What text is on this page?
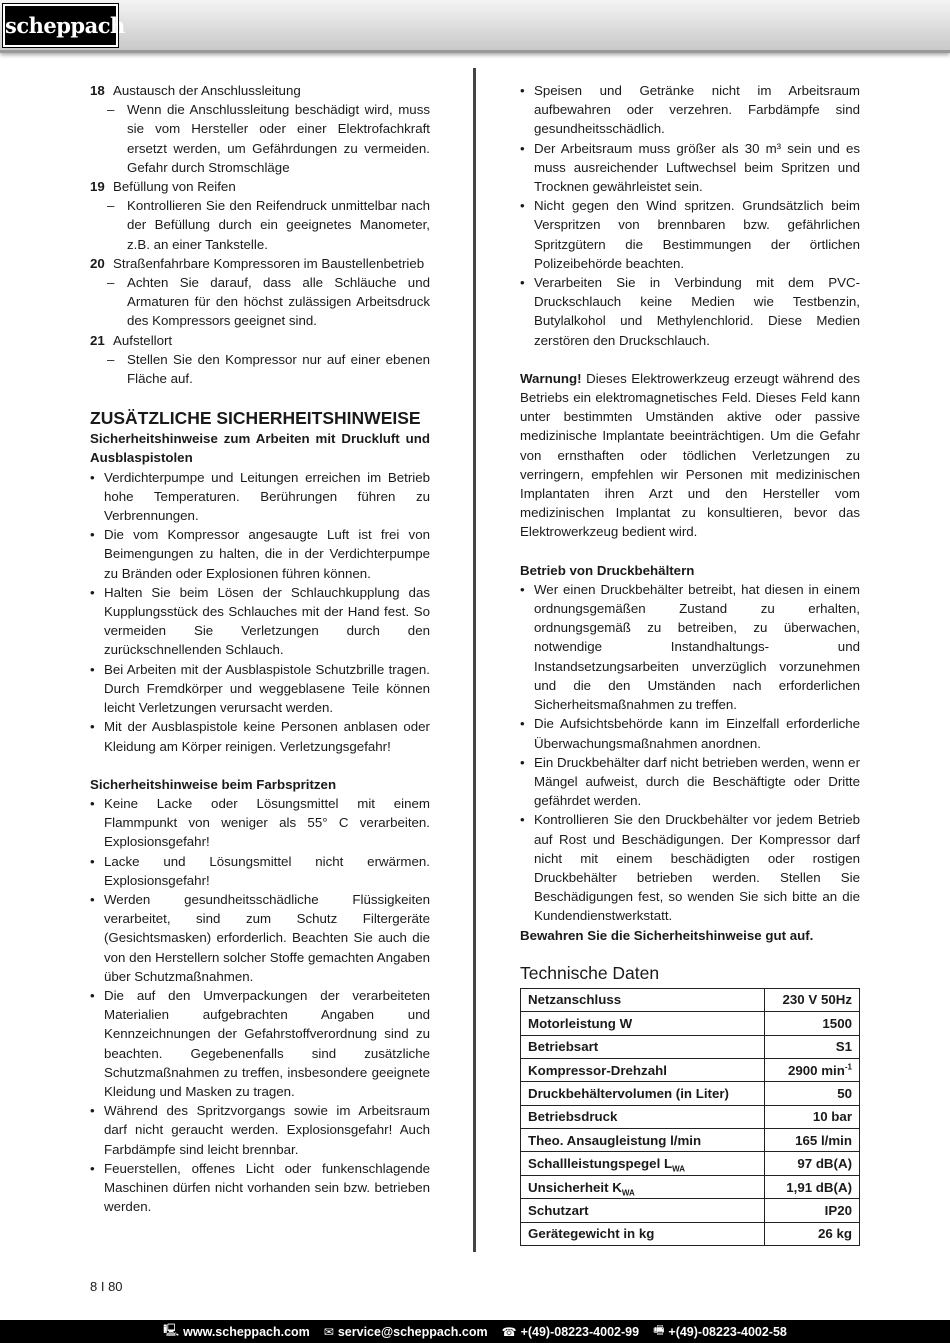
scheppach
18 Austausch der Anschlussleitung
– Wenn die Anschlussleitung beschädigt wird, muss sie vom Hersteller oder einer Elektrofachkraft ersetzt werden, um Gefährdungen zu vermeiden. Gefahr durch Stromschläge
19 Befüllung von Reifen
– Kontrollieren Sie den Reifendruck unmittelbar nach der Befüllung durch ein geeignetes Manometer, z.B. an einer Tankstelle.
20 Straßenfahrbare Kompressoren im Baustellenbetrieb
– Achten Sie darauf, dass alle Schläuche und Armaturen für den höchst zulässigen Arbeitsdruck des Kompressors geeignet sind.
21 Aufstellort
– Stellen Sie den Kompressor nur auf einer ebenen Fläche auf.
ZUSÄTZLICHE SICHERHEITSHINWEISE

Sicherheitshinweise zum Arbeiten mit Druckluft und Ausblaspistolen

• Verdichterpumpe und Leitungen erreichen im Betrieb hohe Temperaturen. Berührungen führen zu Verbrennungen.
• Die vom Kompressor angesaugte Luft ist frei von Beimengungen zu halten, die in der Verdichterpumpe zu Bränden oder Explosionen führen können.
• Halten Sie beim Lösen der Schlauchkupplung das Kupplungsstück des Schlauches mit der Hand fest. So vermeiden Sie Verletzungen durch den zurückschnellenden Schlauch.
• Bei Arbeiten mit der Ausblaspistole Schutzbrille tragen. Durch Fremdkörper und weggeblasene Teile können leicht Verletzungen verursacht werden.
• Mit der Ausblaspistole keine Personen anblasen oder Kleidung am Körper reinigen. Verletzungsgefahr!

Sicherheitshinweise beim Farbspritzen

• Keine Lacke oder Lösungsmittel mit einem Flammpunkt von weniger als 55° C verarbeiten. Explosionsgefahr!
• Lacke und Lösungsmittel nicht erwärmen. Explosionsgefahr!
• Werden gesundheitsschädliche Flüssigkeiten verarbeitet, sind zum Schutz Filtergeräte (Gesichtsmasken) erforderlich. Beachten Sie auch die von den Herstellern solcher Stoffe gemachten Angaben über Schutzmaßnahmen.
• Die auf den Umverpackungen der verarbeiteten Materialien aufgebrachten Angaben und Kennzeichnungen der Gefahrstoffverordnung sind zu beachten. Gegebenenfalls sind zusätzliche Schutzmaßnahmen zu treffen, insbesondere geeignete Kleidung und Masken zu tragen.
• Während des Spritzvorgangs sowie im Arbeitsraum darf nicht geraucht werden. Explosionsgefahr! Auch Farbdämpfe sind leicht brennbar.
• Feuerstellen, offenes Licht oder funkenschlagende Maschinen dürfen nicht vorhanden sein bzw. betrieben werden.
• Speisen und Getränke nicht im Arbeitsraum aufbewahren oder verzehren. Farbdämpfe sind gesundheitsschädlich.
• Der Arbeitsraum muss größer als 30 m³ sein und es muss ausreichender Luftwechsel beim Spritzen und Trocknen gewährleistet sein.
• Nicht gegen den Wind spritzen. Grundsätzlich beim Verspritzen von brennbaren bzw. gefährlichen Spritzgütern die Bestimmungen der örtlichen Polizeibehörde beachten.
• Verarbeiten Sie in Verbindung mit dem PVC-Druckschlauch keine Medien wie Testbenzin, Butylalkohol und Methylenchlorid. Diese Medien zerstören den Druckschlauch.

Warnung! Dieses Elektrowerkzeug erzeugt während des Betriebs ein elektromagnetisches Feld. Dieses Feld kann unter bestimmten Umständen aktive oder passive medizinische Implantate beeinträchtigen. Um die Gefahr von ernsthaften oder tödlichen Verletzungen zu verringern, empfehlen wir Personen mit medizinischen Implantaten ihren Arzt und den Hersteller vom medizinischen Implantat zu konsultieren, bevor das Elektrowerkzeug bedient wird.

Betrieb von Druckbehältern

• Wer einen Druckbehälter betreibt, hat diesen in einem ordnungsgemäßen Zustand zu erhalten, ordnungsgemäß zu betreiben, zu überwachen, notwendige Instandhaltungs- und Instandsetzungsarbeiten unverzüglich vorzunehmen und die den Umständen nach erforderlichen Sicherheitsmaßnahmen zu treffen.
• Die Aufsichtsbehörde kann im Einzelfall erforderliche Überwachungsmaßnahmen anordnen.
• Ein Druckbehälter darf nicht betrieben werden, wenn er Mängel aufweist, durch die Beschäftigte oder Dritte gefährdet werden.
• Kontrollieren Sie den Druckbehälter vor jedem Betrieb auf Rost und Beschädigungen. Der Kompressor darf nicht mit einem beschädigten oder rostigen Druckbehälter betrieben werden. Stellen Sie Beschädigungen fest, so wenden Sie sich bitte an die Kundendienstwerkstatt.

Bewahren Sie die Sicherheitshinweise gut auf.

Technische Daten
Netzanschluss	230 V 50Hz
Motorleistung W	1500
Betriebsart	S1
Kompressor-Drehzahl	2900 $\min^{-1}$
Druckbehältervolumen (in Liter)	50
Betriebsdruck	10 bar
Theo. Ansaugleistung l/min	165 l/min
Schallleistungspegel $L_{WA}$	97 dB(A)
Unsicherheit $K_{WA}$	1,91 dB(A)
Schutzart	IP20
Gerätegewicht in kg	26 kg
8 I 80
🖳 www.scheppach.com ✉ service@scheppach.com ☎ +(49)-08223-4002-99 🖷 +(49)-08223-4002-58
